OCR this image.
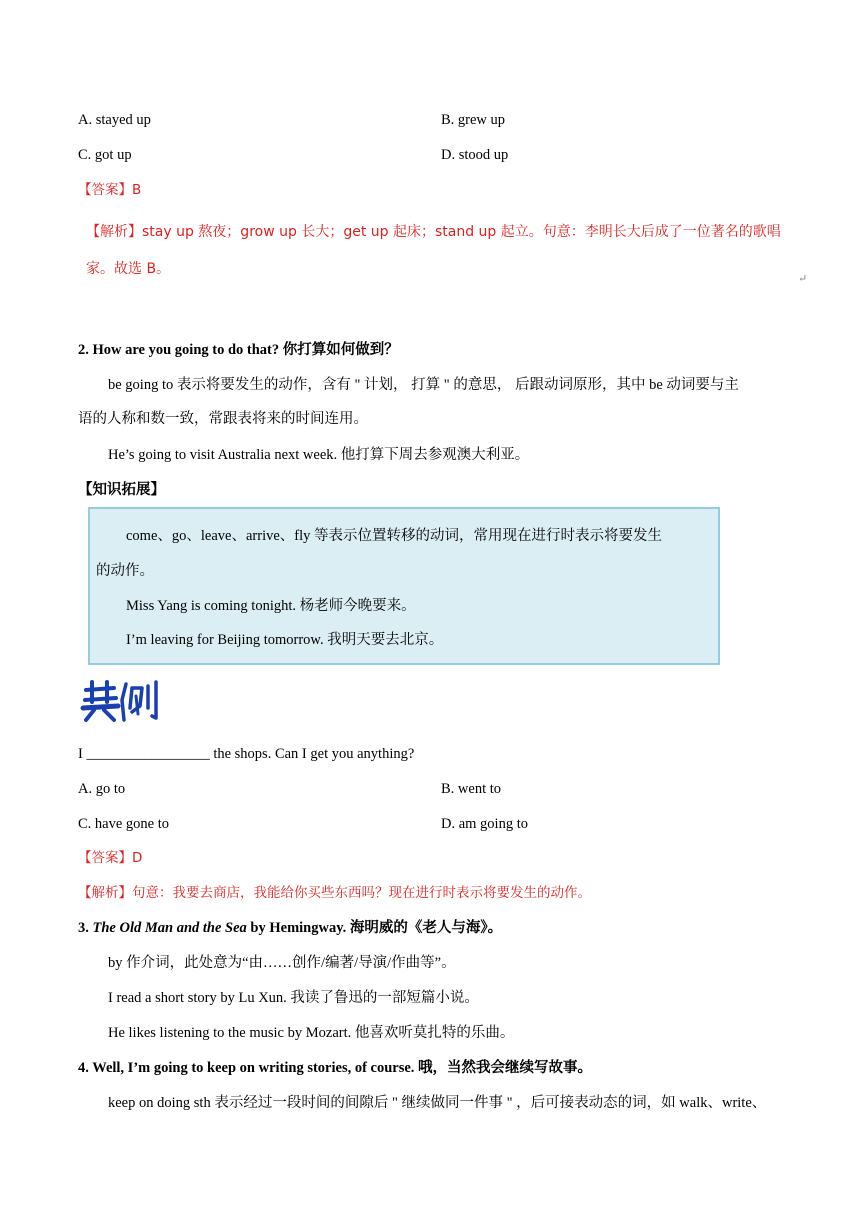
A. stayed up	B. grew up
C. got up	D. stood up
【答案】B
【解析】stay up 熬夜；grow up 长大；get up 起床；stand up 起立。句意：李明长大后成了一位著名的歌唱
家。故选 B。
↵
2. How are you going to do that? 你打算如何做到？
be going to 表示将要发生的动作，含有 " 计划， 打算 " 的意思， 后跟动词原形，其中 be 动词要与主
语的人称和数一致，常跟表将来的时间连用。
He’s going to visit Australia next week. 他打算下周去参观澳大利亚。
【知识拓展】
come、go、leave、arrive、fly 等表示位置转移的动词，常用现在进行时表示将要发生
的动作。
Miss Yang is coming tonight. 杨老师今晚要来。
I’m leaving for Beijing tomorrow. 我明天要去北京。
I _________________ the shops. Can I get you anything?
A. go to	B. went to
C. have gone to	D. am going to
【答案】D
【解析】句意：我要去商店，我能给你买些东西吗？现在进行时表示将要发生的动作。
3. The Old Man and the Sea by Hemingway. 海明威的《老人与海》。
by 作介词，此处意为“由……创作/编著/导演/作曲等”。
I read a short story by Lu Xun. 我读了鲁迅的一部短篇小说。
He likes listening to the music by Mozart. 他喜欢听莫扎特的乐曲。
4. Well, I’m going to keep on writing stories, of course. 哦，当然我会继续写故事。
keep on doing sth 表示经过一段时间的间隙后 " 继续做同一件事 " ，后可接表动态的词，如 walk、write、
